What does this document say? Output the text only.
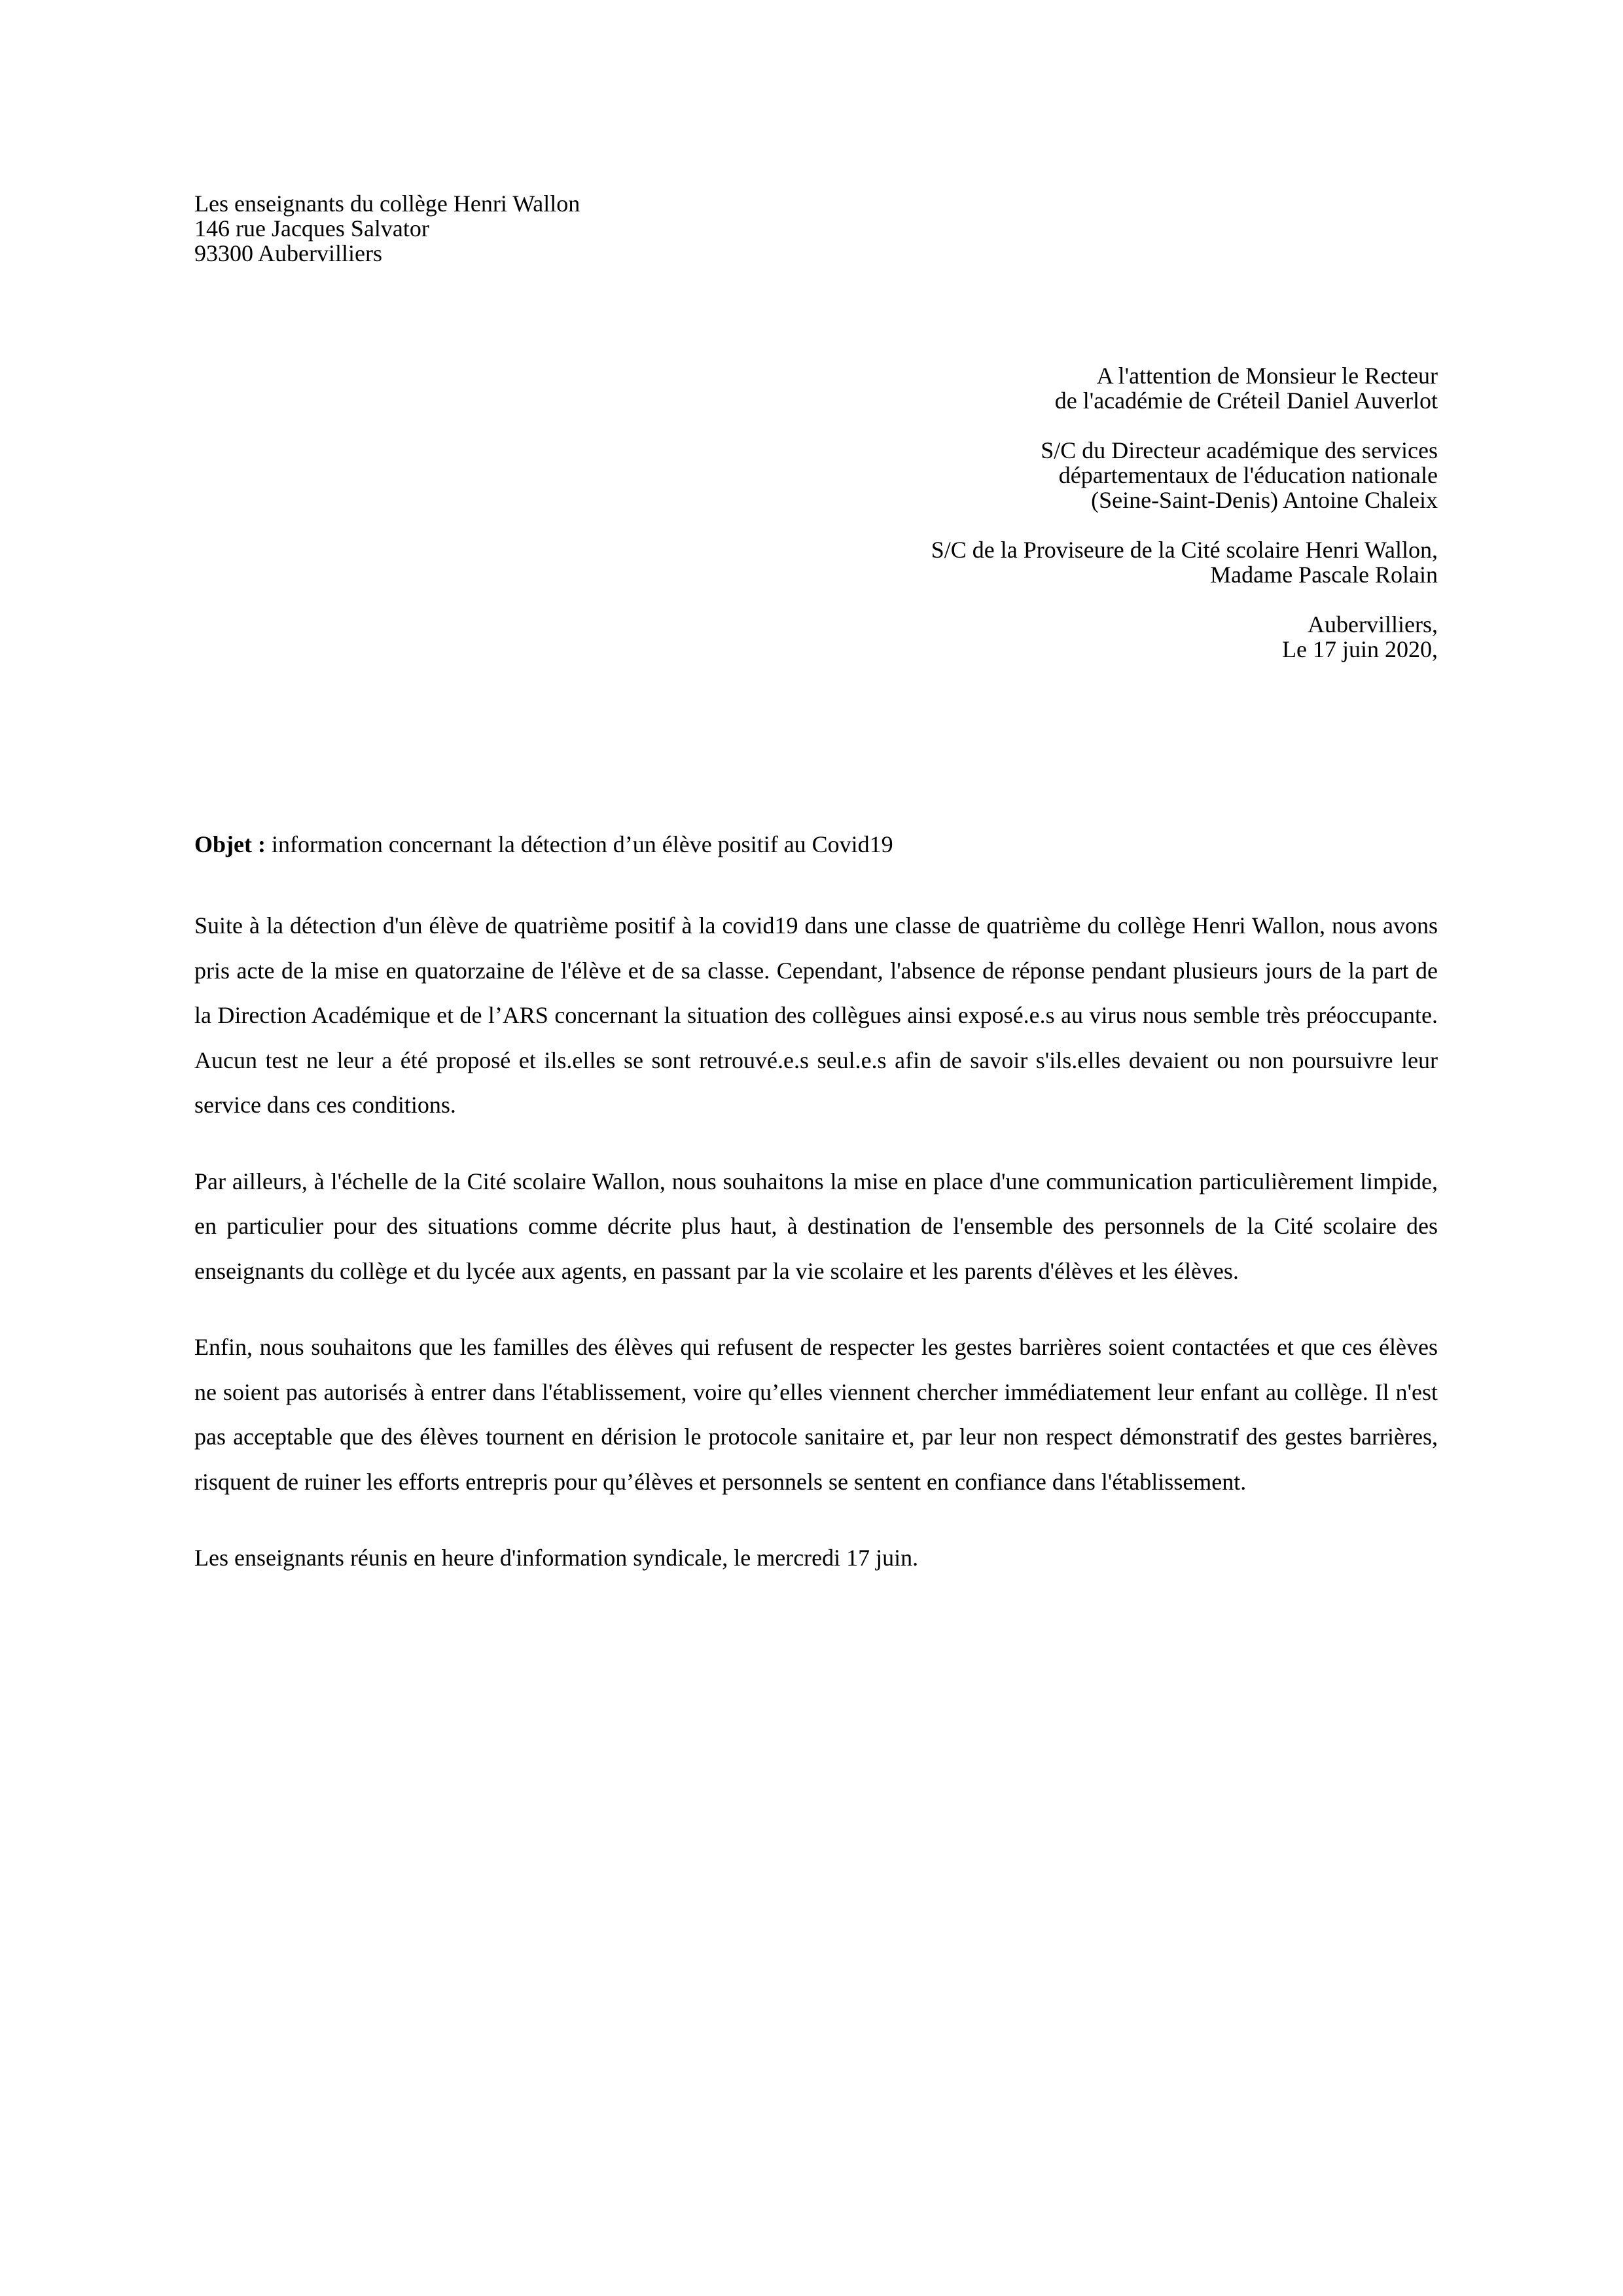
Les enseignants du collège Henri Wallon
146 rue Jacques Salvator
93300 Aubervilliers
A l'attention de Monsieur le Recteur
de l'académie de Créteil Daniel Auverlot
S/C du Directeur académique des services
départementaux de l'éducation nationale
(Seine-Saint-Denis) Antoine Chaleix
S/C de la Proviseure de la Cité scolaire Henri Wallon,
Madame Pascale Rolain
Aubervilliers,
Le 17 juin 2020,
Objet : information concernant la détection d’un élève positif au Covid19

Suite à la détection d'un élève de quatrième positif à la covid19 dans une classe de quatrième du collège Henri Wallon, nous avons pris acte de la mise en quatorzaine de l'élève et de sa classe. Cependant, l'absence de réponse pendant plusieurs jours de la part de la Direction Académique et de l’ARS concernant la situation des collègues ainsi exposé.e.s au virus nous semble très préoccupante. Aucun test ne leur a été proposé et ils.elles se sont retrouvé.e.s seul.e.s afin de savoir s'ils.elles devaient ou non poursuivre leur service dans ces conditions.

Par ailleurs, à l'échelle de la Cité scolaire Wallon, nous souhaitons la mise en place d'une communication particulièrement limpide, en particulier pour des situations comme décrite plus haut, à destination de l'ensemble des personnels de la Cité scolaire des enseignants du collège et du lycée aux agents, en passant par la vie scolaire et les parents d'élèves et les élèves.

Enfin, nous souhaitons que les familles des élèves qui refusent de respecter les gestes barrières soient contactées et que ces élèves ne soient pas autorisés à entrer dans l'établissement, voire qu’elles viennent chercher immédiatement leur enfant au collège. Il n'est pas acceptable que des élèves tournent en dérision le protocole sanitaire et, par leur non respect démonstratif des gestes barrières, risquent de ruiner les efforts entrepris pour qu’élèves et personnels se sentent en confiance dans l'établissement.

Les enseignants réunis en heure d'information syndicale, le mercredi 17 juin.
